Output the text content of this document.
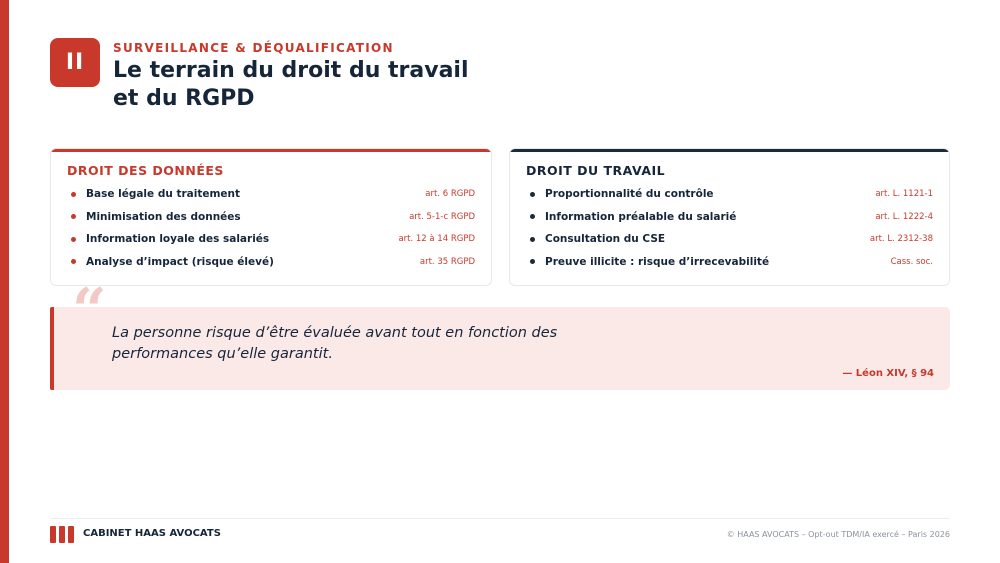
II
SURVEILLANCE & DÉQUALIFICATION
Le terrain du droit du travail et du RGPD
DROIT DES DONNÉES
Base légale du traitement	art. 6 RGPD
Minimisation des données	art. 5-1-c RGPD
Information loyale des salariés	art. 12 à 14 RGPD
Analyse d’impact (risque élevé)	art. 35 RGPD
DROIT DU TRAVAIL
Proportionnalité du contrôle	art. L. 1121-1
Information préalable du salarié	art. L. 1222-4
Consultation du CSE	art. L. 2312-38
Preuve illicite : risque d’irrecevabilité	Cass. soc.
“ La personne risque d’être évaluée avant tout en fonction des performances qu’elle garantit.
— Léon XIV, § 94
CABINET HAAS AVOCATS	© HAAS AVOCATS – Opt-out TDM/IA exercé – Paris 2026
